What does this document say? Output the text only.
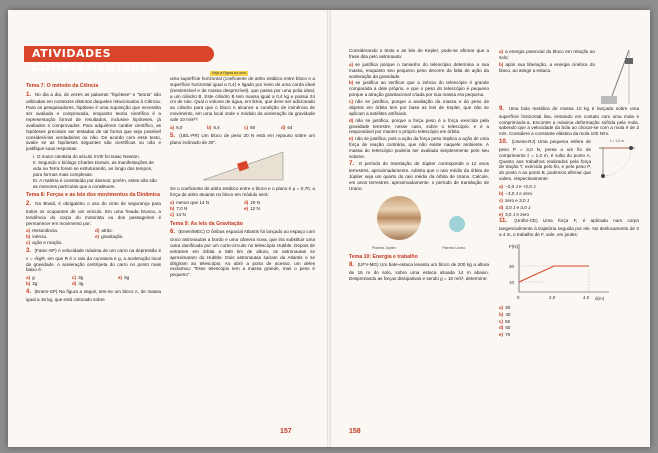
ATIVIDADES COMPLEMENTARES
Tema 7: O método da Ciência
1. No dia a dia, às vezes as palavras "hipótese" e "teoria" são utilizadas em contextos distintos daqueles relacionados à Ciência. Para os pesquisadores, hipótese é uma suposição que necessita ser avaliada e comprovada, enquanto teoria científica é a representação formal de resultados, inclusive hipóteses, já avaliados e comprovados. Para adquirirem caráter científico, as hipóteses precisam ser testadas de tal forma que seja possível considerá-las verdadeiras ou não. De acordo com esse texto, avalie se as hipóteses seguintes são científicas ou não e justifique suas respostas.
I. O maior cientista do século XVIII foi Isaac Newton.
II. Segundo o biólogo Charles Darwin, as manifestações de vida na Terra foram se estruturando, ao longo dos tempos, para formas mais complexas.
III. A matéria é constituída por átomos; porém, estes não são as menores partículas que a constituem.
Tema 8: Forças e as leis dos movimentos da Dinâmica
2. No Brasil, é obrigatório o uso do cinto de segurança para todos os ocupantes de um veículo. Em uma freada brusca, a tendência do corpo do motorista ou dos passageiros é permanecer em movimento por:
a) ressonância.	d) atrito.
b) inércia.	e) gravitação.
c) ação e reação.
3. (Fatec-SP) A velocidade máxima de um carro na depressão é v = √kgR, em que R é o raio da curvatura e g, a aceleração local da gravidade. A aceleração centrípeta do carro no ponto mais baixo é:
a) g	c) 3g	e) 5g
b) 2g	d) 4g
4. (Enem-SP) Na figura a seguir, tem-se um bloco A, de massa igual a 16 kg, que está colocado sobre
Veja a Figura no livro
uma superfície horizontal (coeficiente de atrito estático entre bloco e a superfície horizontal igual a 0,4) e ligado por meio de uma corda ideal (inextensível e de massa desprezível), que passa por uma polia ideal, a um cilindro B. Este cilindro B tem massa igual a 0,4 kg e possui 24 cm de raio. Qual o volume de água, em litros, que deve ser adicionado ao cilindro para que o bloco A alcance a condição de iminência de movimento, em uma local onde o módulo da aceleração da gravidade vale 10 m/s²?
a) 6,0	b) 6,4	c) 60	d) 64
5. (UEL-PR) Um bloco de peso 20 N está em repouso sobre um plano inclinado de 30°.
Se o coeficiente de atrito estático entre o bloco e o plano é μ = 0,70, a força de atrito atuante no bloco em módulo será:
a) menor que 14 N	d) 20 N
b) 7,0 N	e) 12 N
c) 14 N
Tema 9: As leis da Gravitação
6. (Enem/MEC) O ônibus espacial Atlantis foi lançado ao espaço com cinco astronautas a bordo e uma câmera nova, que iria substituir uma outra danificada por um curto-circuito no telescópio Hubble. Depois de entrarem em órbita a 560 km de altura, os astronautas se aproximaram do Hubble. Dois astronautas saíram da Atlantis e se dirigiram ao telescópio. Ao abrir a porta de acesso, um deles exclamou: "Esse telescópio tem a massa grande, mas o peso é pequeno".
157
Considerando o texto e as leis de Kepler, pode-se afirmar que a frase dita pelo astronauta:
a) se justifica porque o tamanho do telescópio determina a sua massa, enquanto seu pequeno peso decorre da falta de ação da aceleração da gravidade.
b) se justifica ao verificar que a inércia do telescópio é grande comparada à dele próprio, e que o peso do telescópio é pequeno porque a atração gravitacional criada por sua massa era pequena.
c) não se justifica, porque a avaliação da massa e do peso de objetos em órbita tem por base as leis de Kepler, que não se aplicam a satélites artificiais.
d) não se justifica, porque a força peso é a força exercida pela gravidade terrestre, nesse caso, sobre o telescópio, e é a responsável por manter o próprio telescópio em órbita.
e) não se justifica, pois a ação da força peso implica a ação de uma força de reação contrária, que não existe naquele ambiente. A massa do telescópio poderia ser avaliada simplesmente pelo seu volume.
7. O período de translação de Júpiter corresponde a 12 anos terrestres, aproximadamente. Admita que o raio médio da órbita de Júpiter seja um quarto do raio médio da órbita de Urano. Calcule, em anos terrestres, aproximadamente, o período de translação de Urano.
Planeta Júpiter.	Planeta Urano.
Tema 10: Energia e trabalho
8. (UFV-MG) Um bate-estaca levanta um bloco de 200 kg a altura de 16 m do solo, sobre uma estaca situada 14 m abaixo. Desprezando as forças dissipativas e sendo g = 10 m/s², determine:
a) a energia potencial do bloco em relação ao solo;
b) após sua liberação, a energia cinética do bloco, ao atingir a estaca.
9. Uma bola metálica de massa 10 kg é lançada sobre uma superfície horizontal lisa, entrando em contato com uma mola e comprimindo-a. Encontre a máxima deformação sofrida pela mola, sabendo que a velocidade da bola ao chocar-se com a mola é de 2 m/s. Considere a constante elástica da mola 100 N/m.
10. (Unesa-RJ) Uma pequena esfera de peso P = 3,0 N, presa a um fio de comprimento ℓ = 1,0 m, é solta do ponto A. Quanto aos trabalhos realizados pela força de tração T, exercida pelo fio, e pelo peso P, do ponto A ao ponto B, podemos afirmar que valem, respectivamente:
a) −2,0 J e +2,0 J
b) −3,0 J e zero
c) zero e 3,0 J
d) 3,0 J e 3,0 J
e) 3,0 J e zero
ℓ = 1,0 m
11. (Unifor-CE) Uma força F, é aplicada num corpo tangencialmente à trajetória seguida por ele. No deslocamento de 0 a 4 m, o trabalho de F, vale, em joules:
F(N)
d(m)
20
10
0	2,0	4,0
a) 30
b) 40
c) 50
d) 60
e) 70
158
